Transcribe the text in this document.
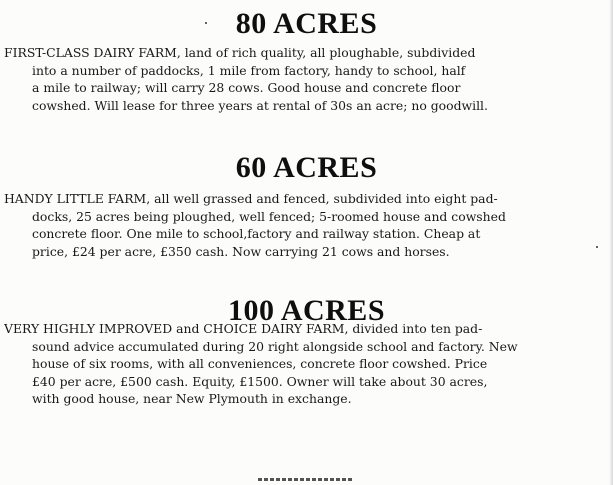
80 ACRES
FIRST-CLASS DAIRY FARM, land of rich quality, all ploughable, subdivided
into a number of paddocks, 1 mile from factory, handy to school, half
a mile to railway; will carry 28 cows. Good house and concrete floor
cowshed. Will lease for three years at rental of 30s an acre; no goodwill.
60 ACRES
HANDY LITTLE FARM, all well grassed and fenced, subdivided into eight pad-
docks, 25 acres being ploughed, well fenced; 5-roomed house and cowshed
concrete floor. One mile to school,factory and railway station. Cheap at
price, £24 per acre, £350 cash. Now carrying 21 cows and horses.
100 ACRES
VERY HIGHLY IMPROVED and CHOICE DAIRY FARM, divided into ten pad-
sound advice accumulated during 20 right alongside school and factory. New
house of six rooms, with all conveniences, concrete floor cowshed. Price
£40 per acre, £500 cash. Equity, £1500. Owner will take about 30 acres,
with good house, near New Plymouth in exchange.
